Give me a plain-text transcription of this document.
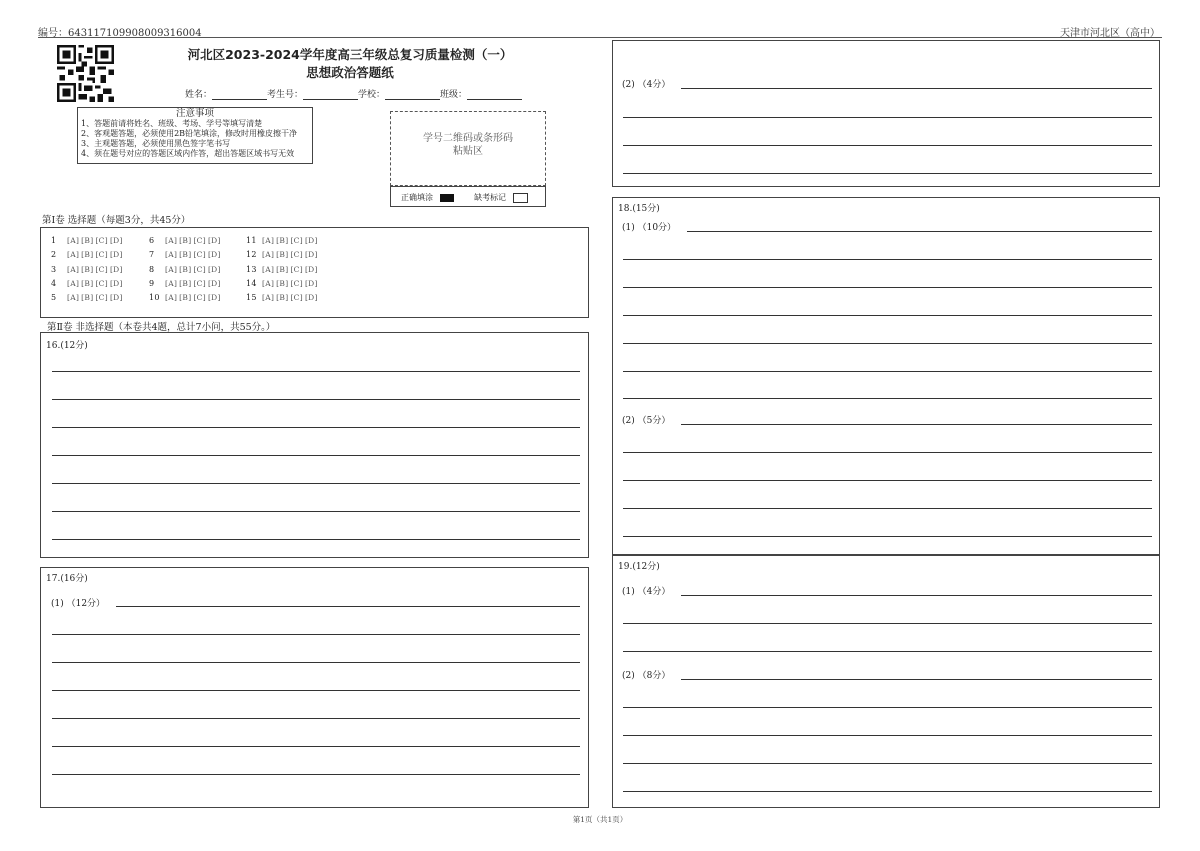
编号：643117109908009316004	天津市河北区（高中）
河北区2023-2024学年度高三年级总复习质量检测（一）
思想政治答题纸
姓名：	考生号：	学校：	班级：
注意事项
1、答题前请将姓名、班级、考场、学号等填写清楚
2、客观题答题，必须使用2B铅笔填涂，修改时用橡皮擦干净
3、主观题答题，必须使用黑色签字笔书写
4、须在题号对应的答题区域内作答，超出答题区域书写无效
学号二维码或条形码
粘贴区
正确填涂	缺考标记
第Ⅰ卷 选择题（每题3分，共45分）
1 [A] [B] [C] [D]
2 [A] [B] [C] [D]
3 [A] [B] [C] [D]
4 [A] [B] [C] [D]
5 [A] [B] [C] [D]
6 [A] [B] [C] [D]
7 [A] [B] [C] [D]
8 [A] [B] [C] [D]
9 [A] [B] [C] [D]
10 [A] [B] [C] [D]
11 [A] [B] [C] [D]
12 [A] [B] [C] [D]
13 [A] [B] [C] [D]
14 [A] [B] [C] [D]
15 [A] [B] [C] [D]
第Ⅱ卷 非选择题（本卷共4题，总计7小问，共55分。）
16.(12分)
17.(16分)
(1) （12分）
(2) （4分）
18.(15分)
(1) （10分）
(2) （5分）
19.(12分)
(1) （4分）
(2) （8分）
第1页（共1页）
